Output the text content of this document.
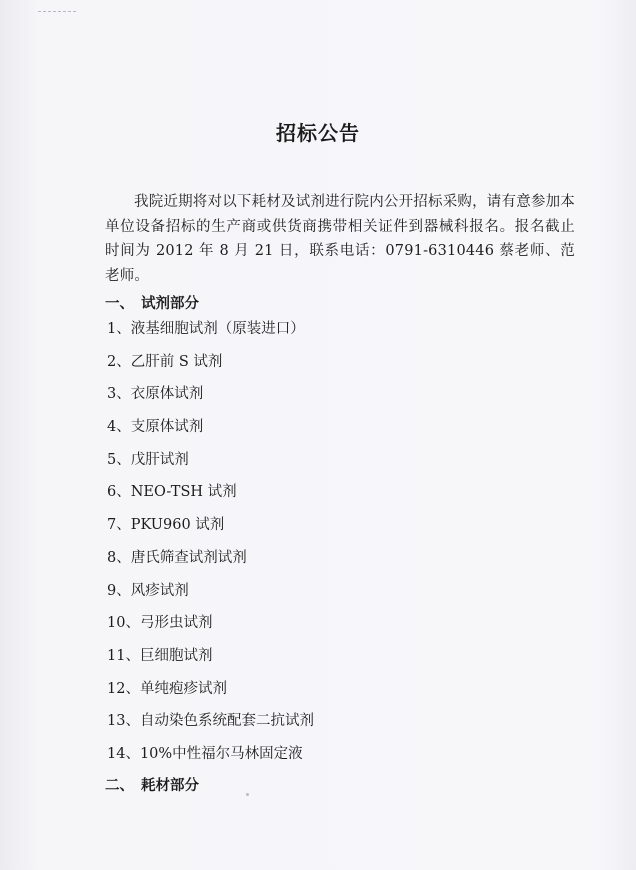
招标公告

我院近期将对以下耗材及试剂进行院内公开招标采购，请有意参加本单位设备招标的生产商或供货商携带相关证件到器械科报名。报名截止时间为 2012 年 8 月 21 日，联系电话：0791-6310446 蔡老师、范老师。

一、 试剂部分
1、液基细胞试剂（原装进口）
2、乙肝前 S 试剂
3、衣原体试剂
4、支原体试剂
5、戊肝试剂
6、NEO-TSH 试剂
7、PKU960 试剂
8、唐氏筛查试剂试剂
9、风疹试剂
10、弓形虫试剂
11、巨细胞试剂
12、单纯疱疹试剂
13、自动染色系统配套二抗试剂
14、10%中性福尔马林固定液
二、 耗材部分
